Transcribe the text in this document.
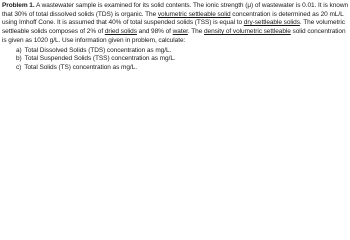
Problem 1. A wastewater sample is examined for its solid contents. The ionic strength (μ) of wastewater is 0.01. It is known that 30% of total dissolved solids (TDS) is organic. The volumetric settleable solid concentration is determined as 20 mL/L using Imhoff Cone. It is assumed that 40% of total suspended solids (TSS) is equal to dry-settleable solids. The volumetric settleable solids composes of 2% of dried solids and 98% of water. The density of volumetric settleable solid concentration is given as 1020 g/L. Use information given in problem, calculate:

a) Total Dissolved Solids (TDS) concentration as mg/L.
b) Total Suspended Solids (TSS) concentration as mg/L.
c) Total Solids (TS) concentration as mg/L.
